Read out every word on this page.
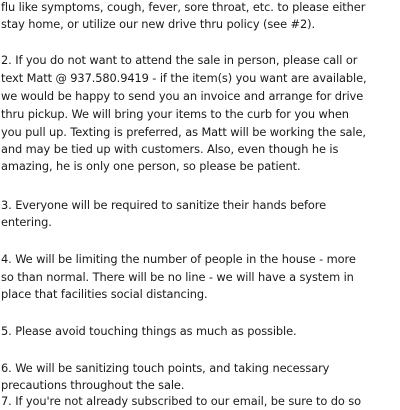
flu like symptoms, cough, fever, sore throat, etc. to please either

stay home, or utilize our new drive thru policy (see #2).

2. If you do not want to attend the sale in person, please call or

text Matt @ 937.580.9419 - if the item(s) you want are available,

we would be happy to send you an invoice and arrange for drive

thru pickup. We will bring your items to the curb for you when

you pull up. Texting is preferred, as Matt will be working the sale,

and may be tied up with customers. Also, even though he is

amazing, he is only one person, so please be patient.

3. Everyone will be required to sanitize their hands before

entering.

4. We will be limiting the number of people in the house - more

so than normal. There will be no line - we will have a system in

place that facilities social distancing.

5. Please avoid touching things as much as possible.

6. We will be sanitizing touch points, and taking necessary

precautions throughout the sale.

7. If you're not already subscribed to our email, be sure to do so
